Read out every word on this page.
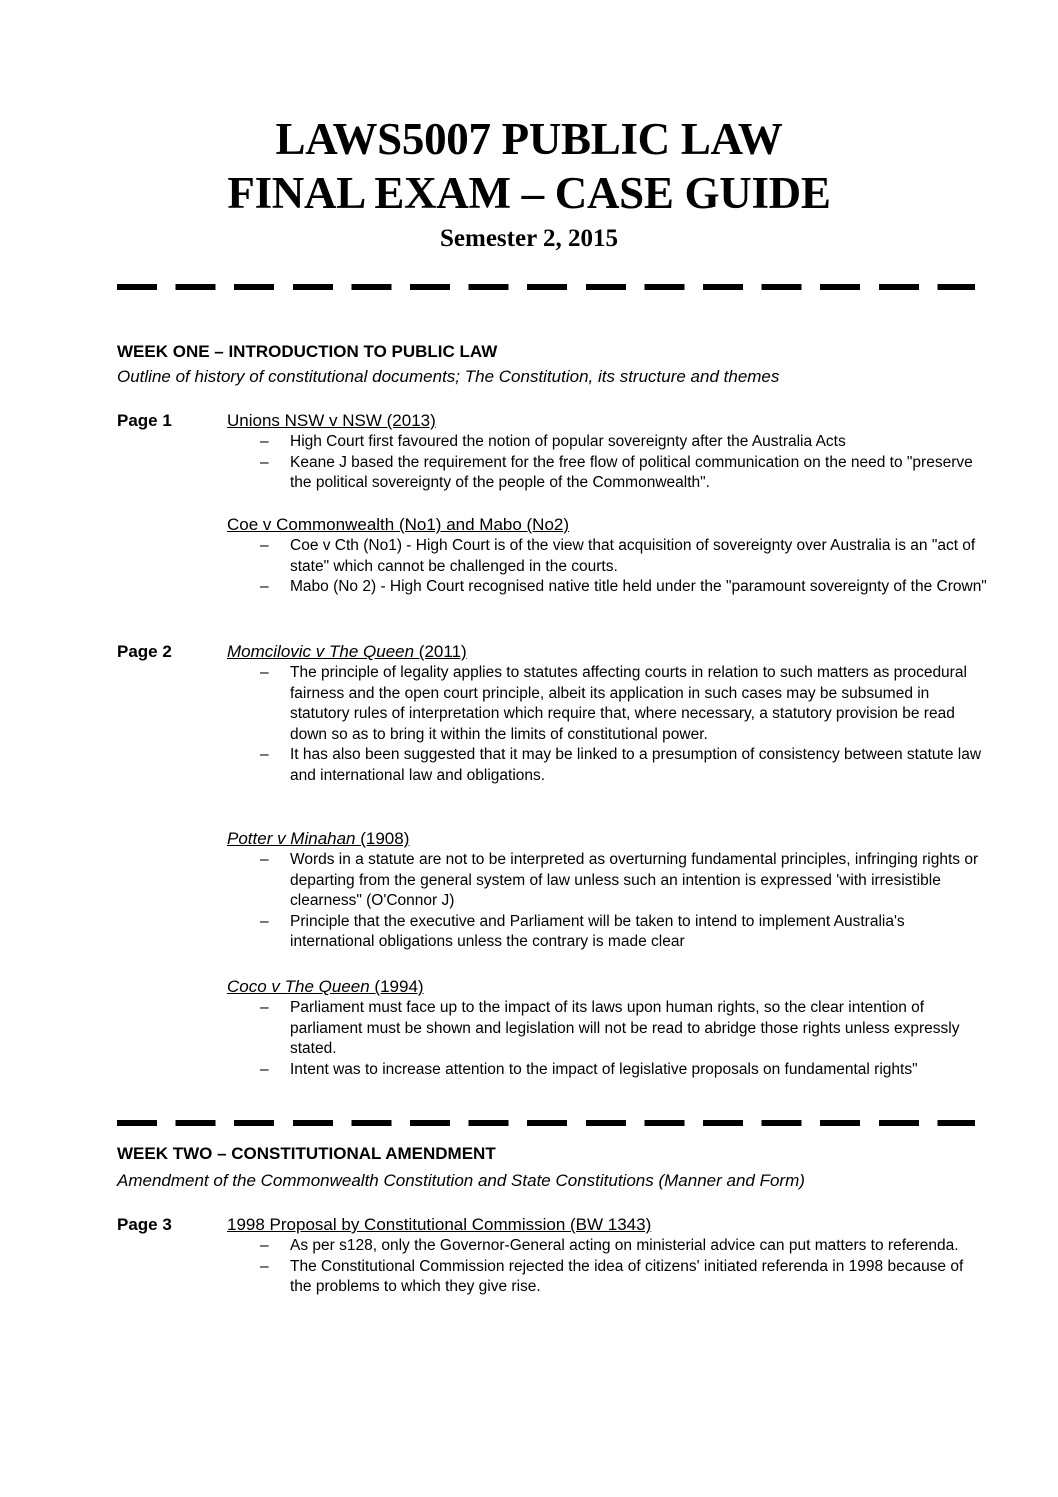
LAWS5007 PUBLIC LAW
FINAL EXAM – CASE GUIDE
Semester 2, 2015
WEEK ONE – INTRODUCTION TO PUBLIC LAW
Outline of history of constitutional documents; The Constitution, its structure and themes
Page 1	Unions NSW v NSW (2013)
– High Court first favoured the notion of popular sovereignty after the Australia Acts
– Keane J based the requirement for the free flow of political communication on the need to "preserve the political sovereignty of the people of the Commonwealth".
Coe v Commonwealth (No1) and Mabo (No2)
– Coe v Cth (No1) - High Court is of the view that acquisition of sovereignty over Australia is an "act of state" which cannot be challenged in the courts.
– Mabo (No 2) - High Court recognised native title held under the "paramount sovereignty of the Crown"
Page 2	Momcilovic v The Queen (2011)
– The principle of legality applies to statutes affecting courts in relation to such matters as procedural fairness and the open court principle, albeit its application in such cases may be subsumed in statutory rules of interpretation which require that, where necessary, a statutory provision be read down so as to bring it within the limits of constitutional power.
– It has also been suggested that it may be linked to a presumption of consistency between statute law and international law and obligations.
Potter v Minahan (1908)
– Words in a statute are not to be interpreted as overturning fundamental principles, infringing rights or departing from the general system of law unless such an intention is expressed 'with irresistible clearness" (O'Connor J)
– Principle that the executive and Parliament will be taken to intend to implement Australia's international obligations unless the contrary is made clear
Coco v The Queen (1994)
– Parliament must face up to the impact of its laws upon human rights, so the clear intention of parliament must be shown and legislation will not be read to abridge those rights unless expressly stated.
– Intent was to increase attention to the impact of legislative proposals on fundamental rights"
WEEK TWO – CONSTITUTIONAL AMENDMENT
Amendment of the Commonwealth Constitution and State Constitutions (Manner and Form)
Page 3	1998 Proposal by Constitutional Commission (BW 1343)
– As per s128, only the Governor-General acting on ministerial advice can put matters to referenda.
– The Constitutional Commission rejected the idea of citizens' initiated referenda in 1998 because of the problems to which they give rise.
